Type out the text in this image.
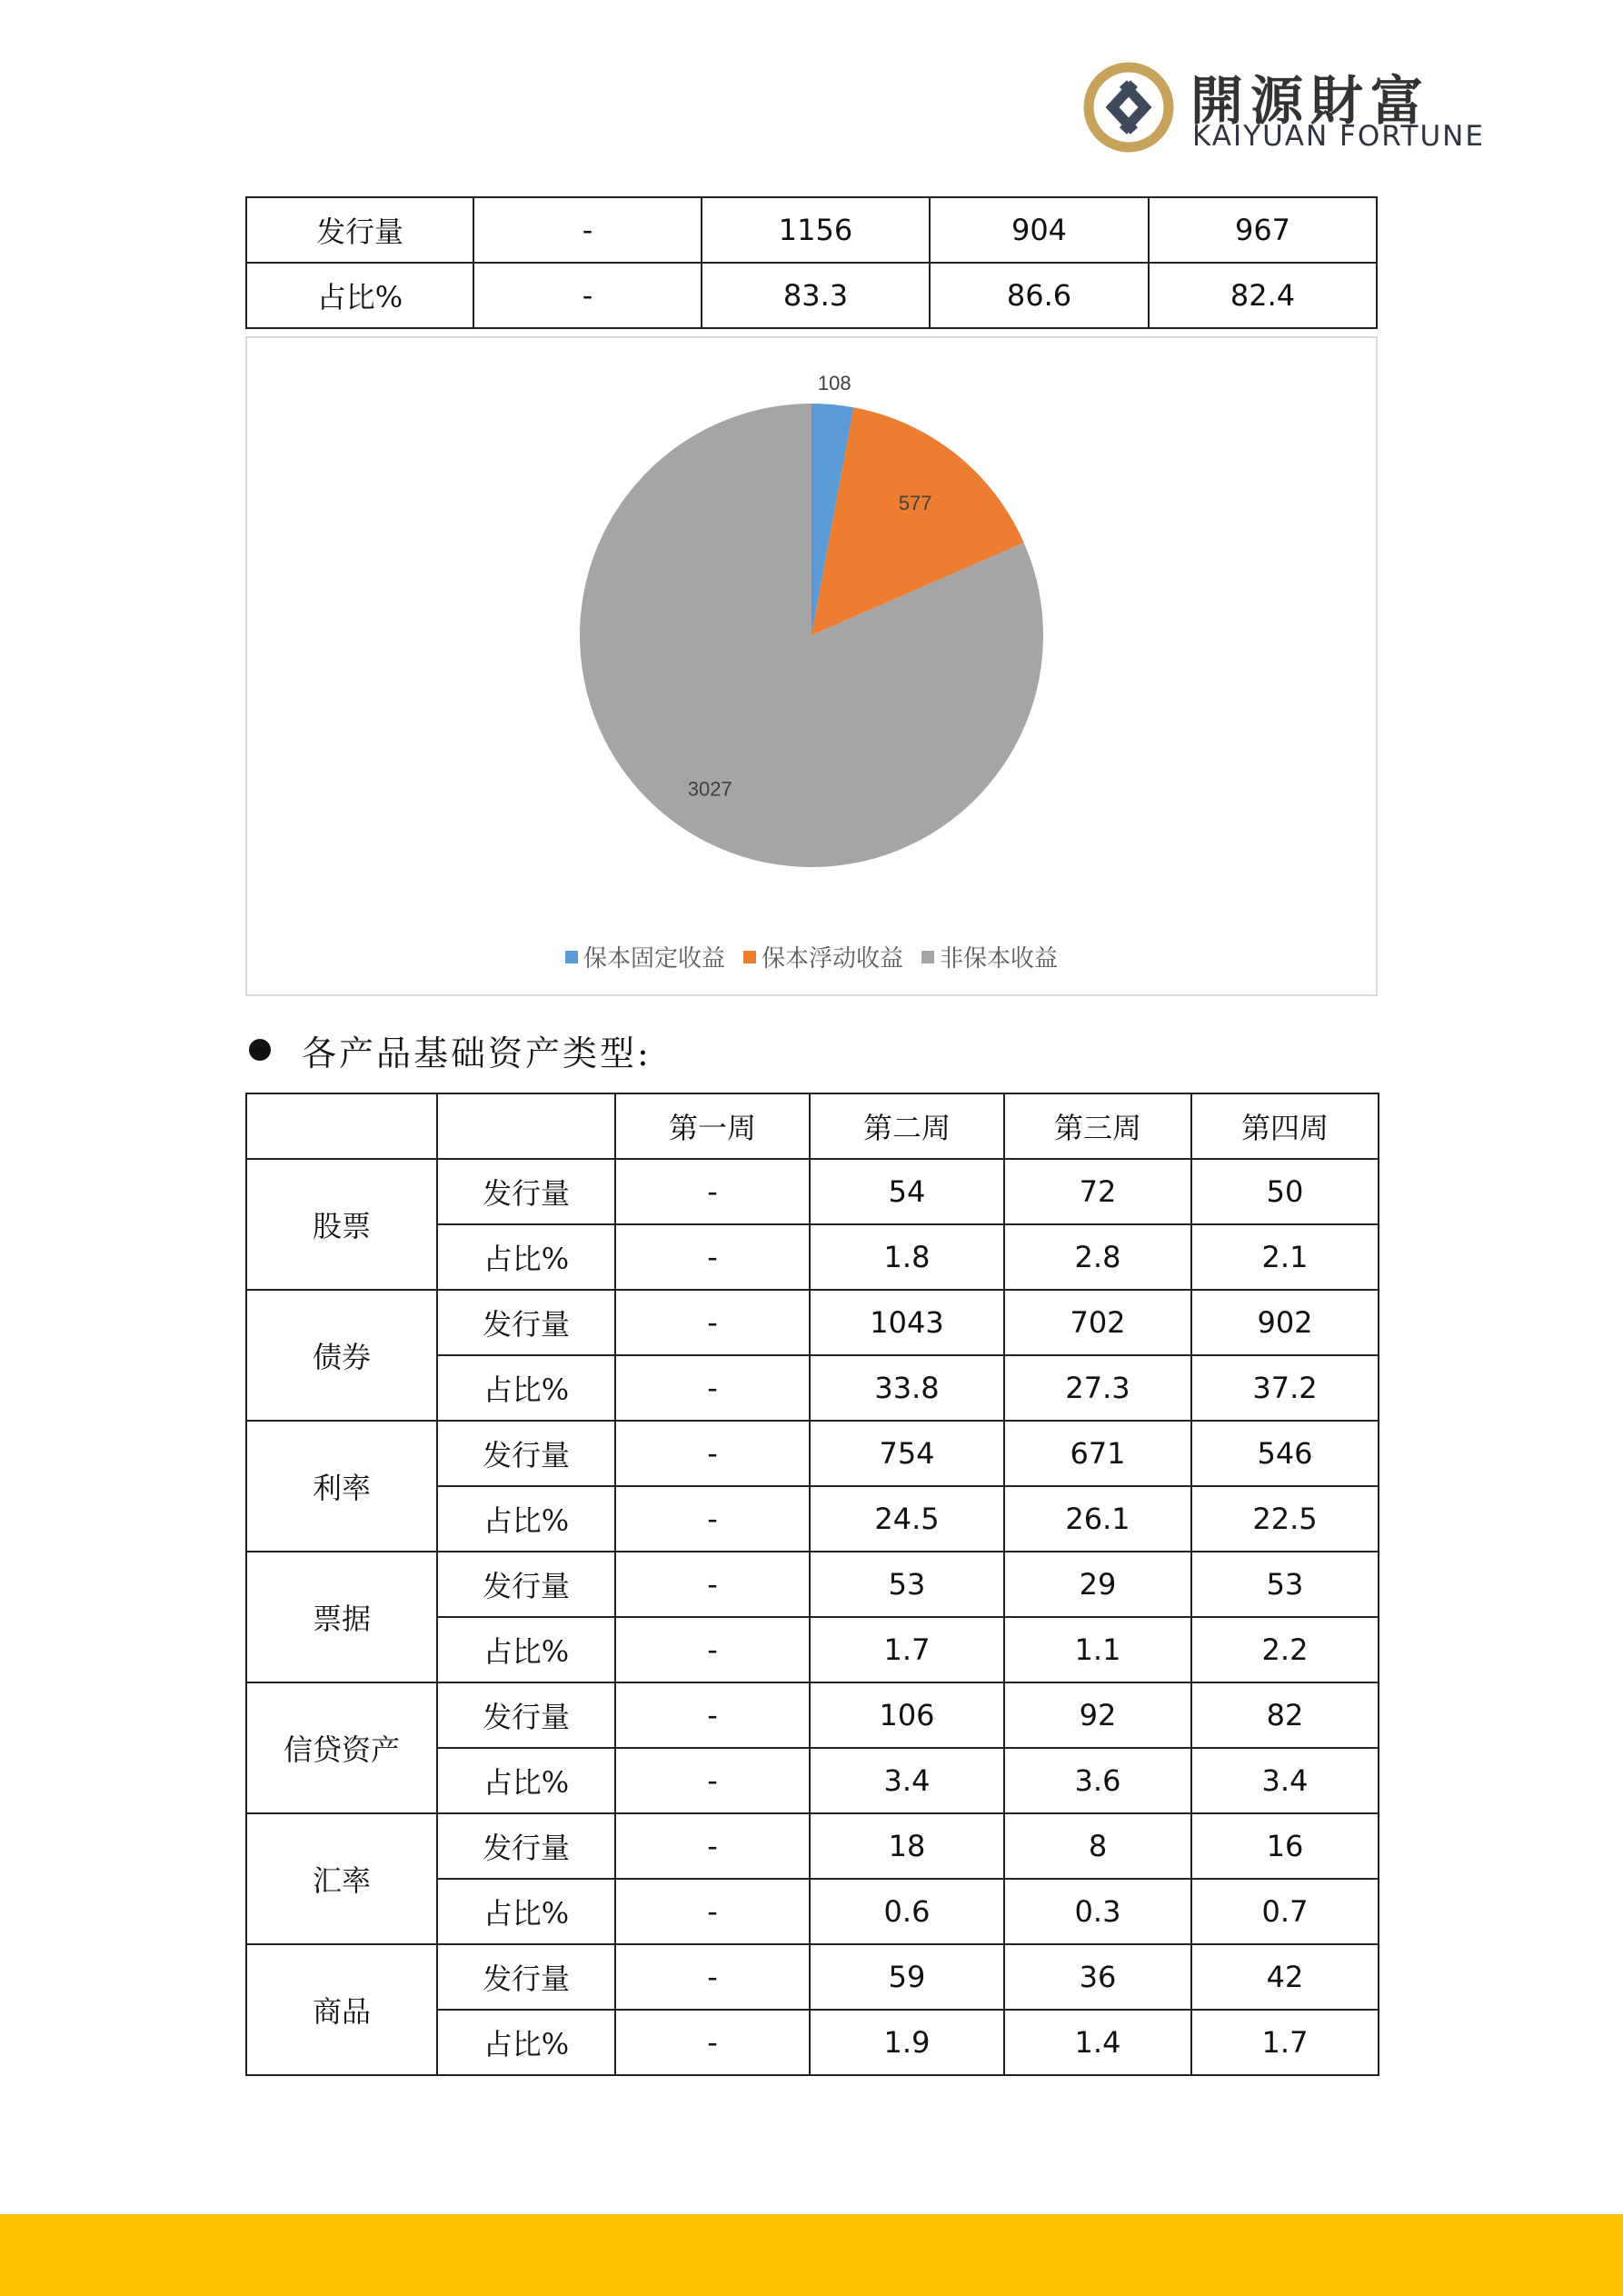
開源財富
KAIYUAN FORTUNE
发行量	-	1156	904	967
占比%	-	83.3	86.6	82.4
108
577
3027
保本固定收益 保本浮动收益 非保本收益
各产品基础资产类型:
		第一周	第二周	第三周	第四周
股票	发行量	-	54	72	50
	占比%	-	1.8	2.8	2.1
债券	发行量	-	1043	702	902
	占比%	-	33.8	27.3	37.2
利率	发行量	-	754	671	546
	占比%	-	24.5	26.1	22.5
票据	发行量	-	53	29	53
	占比%	-	1.7	1.1	2.2
信贷资产	发行量	-	106	92	82
	占比%	-	3.4	3.6	3.4
汇率	发行量	-	18	8	16
	占比%	-	0.6	0.3	0.7
商品	发行量	-	59	36	42
	占比%	-	1.9	1.4	1.7
